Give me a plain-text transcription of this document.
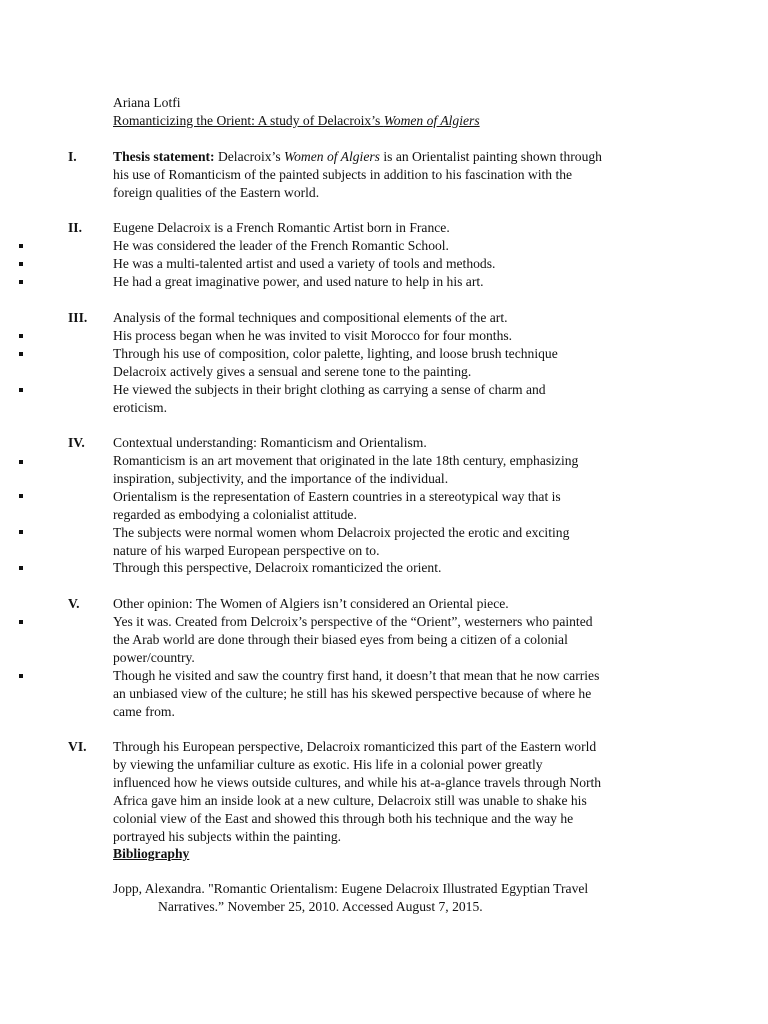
Ariana Lotfi
Romanticizing the Orient: A study of Delacroix’s Women of Algiers
I.	Thesis statement: Delacroix’s Women of Algiers is an Orientalist painting shown through
his use of Romanticism of the painted subjects in addition to his fascination with the
foreign qualities of the Eastern world.
II. Eugene Delacroix is a French Romantic Artist born in France.
He was considered the leader of the French Romantic School.
He was a multi-talented artist and used a variety of tools and methods.
He had a great imaginative power, and used nature to help in his art.
III. Analysis of the formal techniques and compositional elements of the art.
His process began when he was invited to visit Morocco for four months.
Through his use of composition, color palette, lighting, and loose brush technique
Delacroix actively gives a sensual and serene tone to the painting.
He viewed the subjects in their bright clothing as carrying a sense of charm and
eroticism.
IV. Contextual understanding: Romanticism and Orientalism.
Romanticism is an art movement that originated in the late 18th century, emphasizing
inspiration, subjectivity, and the importance of the individual.
Orientalism is the representation of Eastern countries in a stereotypical way that is
regarded as embodying a colonialist attitude.
The subjects were normal women whom Delacroix projected the erotic and exciting
nature of his warped European perspective on to.
Through this perspective, Delacroix romanticized the orient.
V. Other opinion: The Women of Algiers isn’t considered an Oriental piece.
Yes it was. Created from Delcroix’s perspective of the “Orient”, westerners who painted
the Arab world are done through their biased eyes from being a citizen of a colonial
power/country.
Though he visited and saw the country first hand, it doesn’t that mean that he now carries
an unbiased view of the culture; he still has his skewed perspective because of where he
came from.
VI. Through his European perspective, Delacroix romanticized this part of the Eastern world
by viewing the unfamiliar culture as exotic. His life in a colonial power greatly
influenced how he views outside cultures, and while his at-a-glance travels through North
Africa gave him an inside look at a new culture, Delacroix still was unable to shake his
colonial view of the East and showed this through both his technique and the way he
portrayed his subjects within the painting.
Bibliography
Jopp, Alexandra. "Romantic Orientalism: Eugene Delacroix Illustrated Egyptian Travel
Narratives.” November 25, 2010. Accessed August 7, 2015.
